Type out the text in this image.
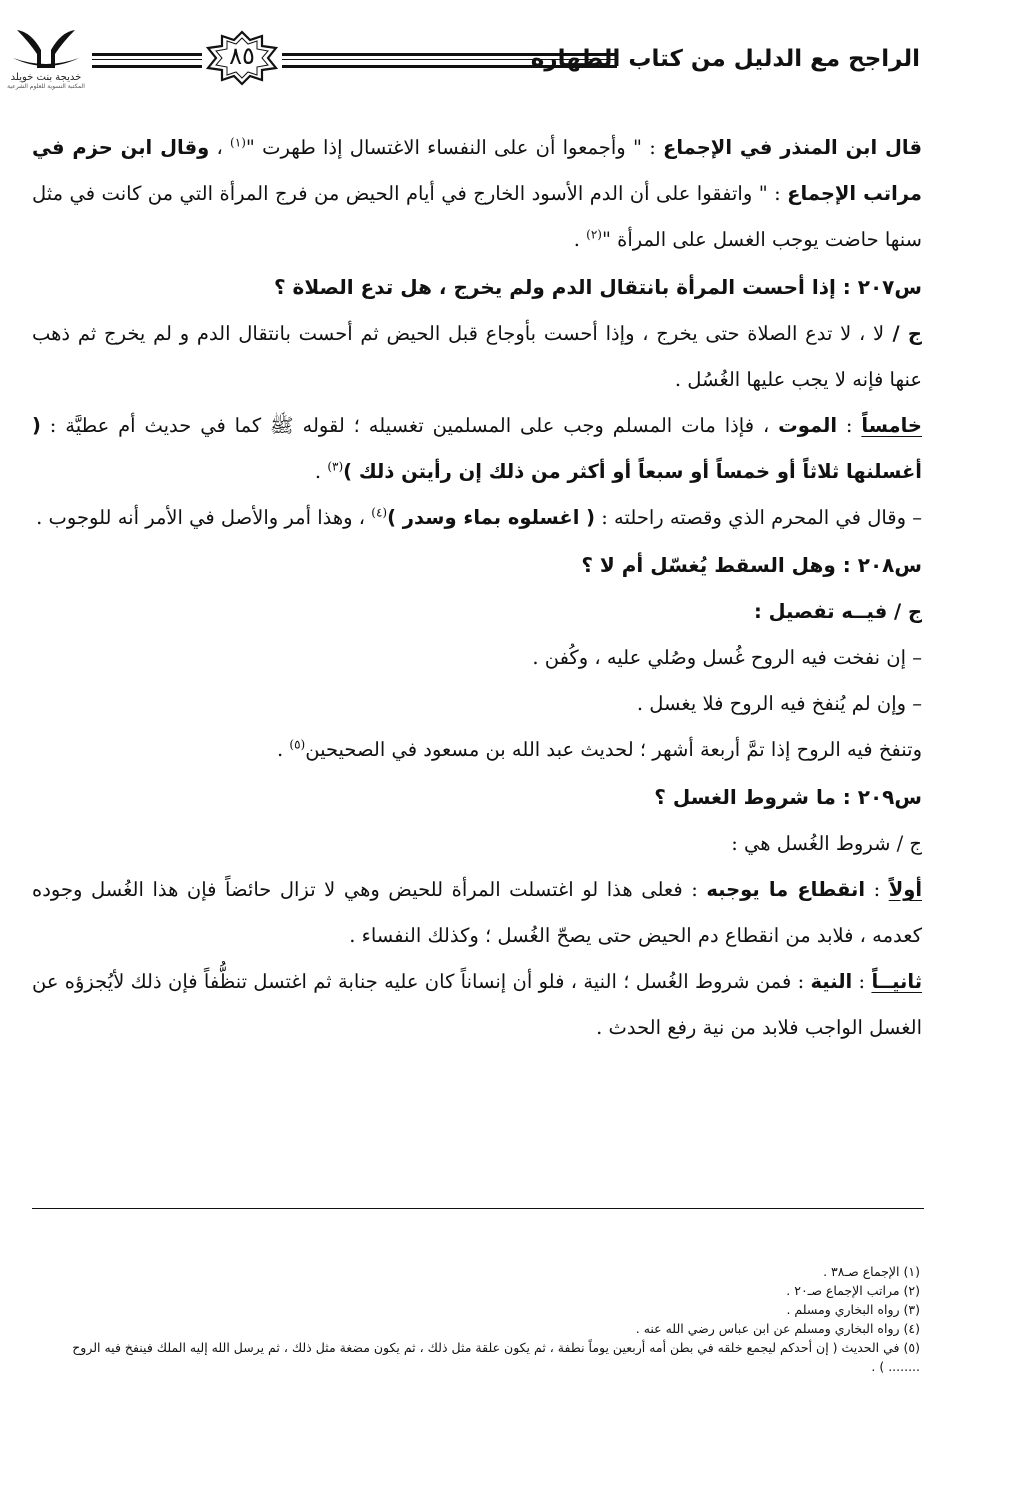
خديجة بنت خويلد
المكتبة النسوية للعلوم الشرعية
٨٥	الراجح مع الدليل من كتاب الطهارة

قال ابن المنذر في الإجماع : " وأجمعوا أن على النفساء الاغتسال إذا طهرت "$^{(١)}$ ، وقال ابن حزم في مراتب الإجماع : " واتفقوا على أن الدم الأسود الخارج في أيام الحيض من فرج المرأة التي من كانت في مثل سنها حاضت يوجب الغسل على المرأة "$^{(٢)}$ .

س٢٠٧ : إذا أحست المرأة بانتقال الدم ولم يخرج ، هل تدع الصلاة ؟

ج / لا ، لا تدع الصلاة حتى يخرج ، وإذا أحست بأوجاع قبل الحيض ثم أحست بانتقال الدم و لم يخرج ثم ذهب عنها فإنه لا يجب عليها الغُسُل .

خامساً : الموت ، فإذا مات المسلم وجب على المسلمين تغسيله ؛ لقوله ﷺ كما في حديث أم عطيَّة : ( أغسلنها ثلاثاً أو خمساً أو سبعاً أو أكثر من ذلك إن رأيتن ذلك )$^{(٣)}$ .

– وقال في المحرم الذي وقصته راحلته : ( اغسلوه بماء وسدر )$^{(٤)}$ ، وهذا أمر والأصل في الأمر أنه للوجوب .

س٢٠٨ : وهل السقط يُغسّل أم لا ؟

ج / فيــه تفصيل :

– إن نفخت فيه الروح غُسل وصُلي عليه ، وكُفن .

– وإن لم يُنفخ فيه الروح فلا يغسل .

وتنفخ فيه الروح إذا تمَّ أربعة أشهر ؛ لحديث عبد الله بن مسعود في الصحيحين$^{(٥)}$ .

س٢٠٩ : ما شروط الغسل ؟

ج / شروط الغُسل هي :

أولاً : انقطاع ما يوجبه : فعلى هذا لو اغتسلت المرأة للحيض وهي لا تزال حائضاً فإن هذا الغُسل وجوده كعدمه ، فلابد من انقطاع دم الحيض حتى يصحّ الغُسل ؛ وكذلك النفساء .

ثانيــاً : النية : فمن شروط الغُسل ؛ النية ، فلو أن إنساناً كان عليه جنابة ثم اغتسل تنظُّفاً فإن ذلك لأيُجزؤه عن الغسل الواجب فلابد من نية رفع الحدث .

(١) الإجماع صـ٣٨ .

(٢) مراتب الإجماع صـ٢٠ .

(٣) رواه البخاري ومسلم .

(٤) رواه البخاري ومسلم عن ابن عباس رضي الله عنه .

(٥) في الحديث ( إن أحدكم ليجمع خلقه في بطن أمه أربعين يوماً نطفة ، ثم يكون علقة مثل ذلك ، ثم يكون مضغة مثل ذلك ، ثم يرسل الله إليه الملك فينفخ فيه الروح ........ ) .
